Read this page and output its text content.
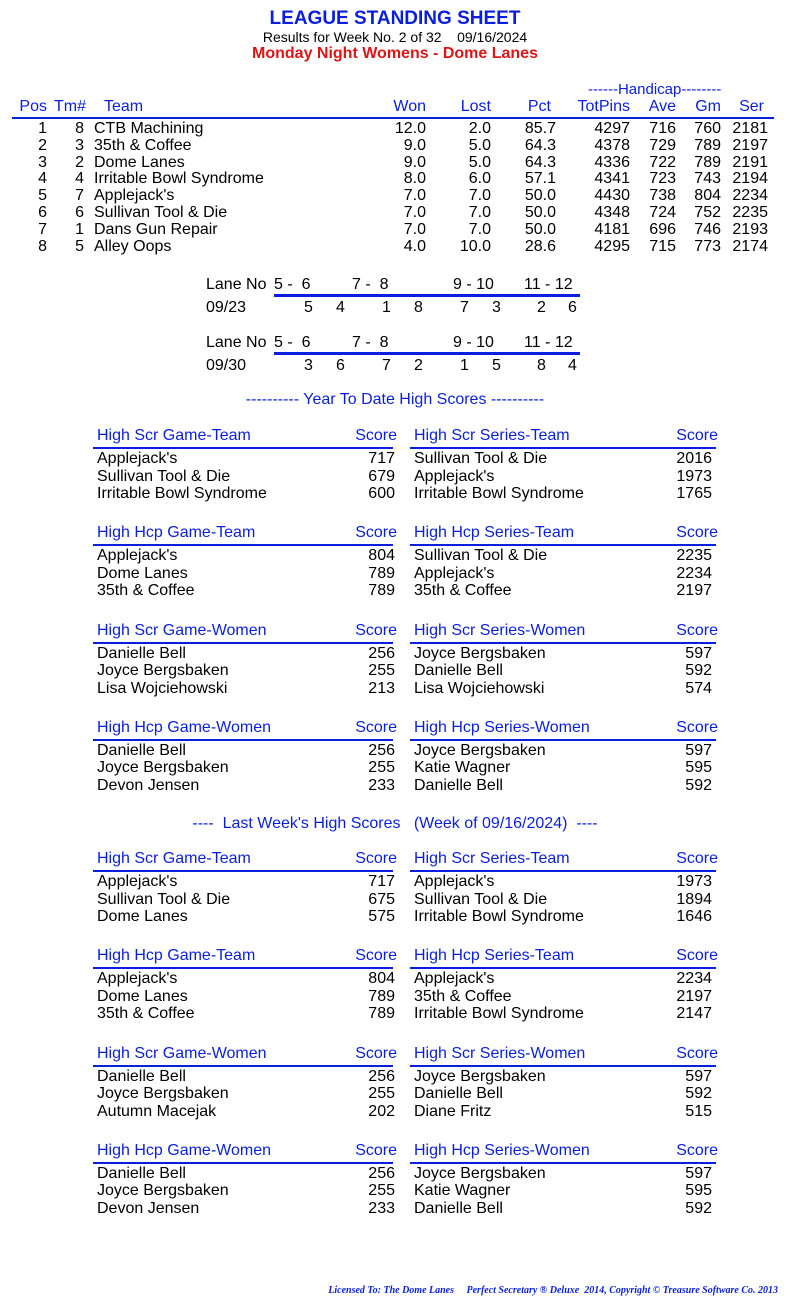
LEAGUE STANDING SHEET
Results for Week No. 2 of 32    09/16/2024
Monday Night Womens - Dome Lanes
------Handicap--------
Pos Tm# Team	Won Lost Pct TotPins Ave Gm Ser
1 8 CTB Machining	12.0	2.0 85.7 4297 716 760 2181
2 3 35th & Coffee	9.0	5.0 64.3 4378 729 789 2197
3 2 Dome Lanes	9.0	5.0 64.3 4336 722 789 2191
4 4 Irritable Bowl Syndrome	8.0	6.0 57.1 4341 723 743 2194
5 7 Applejack's	7.0	7.0 50.0 4430 738 804 2234
6 6 Sullivan Tool & Die	7.0	7.0 50.0 4348 724 752 2235
7 1 Dans Gun Repair	7.0	7.0 50.0 4181 696 746 2193
8 5 Alley Oops	4.0 10.0 28.6 4295 715 773 2174
Lane No 5 -  6	7 -  8	9 - 10 11 - 12
09/23	5 4 1 8 7 3 2 6
Lane No 5 -  6	7 -  8	9 - 10 11 - 12
09/30	3 6 7 2 1 5 8 4
---------- Year To Date High Scores ----------
High Scr Game-Team	Score
Applejack's	717
Sullivan Tool & Die	679
Irritable Bowl Syndrome	600
High Scr Series-Team	Score
Sullivan Tool & Die	2016
Applejack's	1973
Irritable Bowl Syndrome	1765
High Hcp Game-Team	Score
Applejack's	804
Dome Lanes	789
35th & Coffee	789
High Hcp Series-Team	Score
Sullivan Tool & Die	2235
Applejack's	2234
35th & Coffee	2197
High Scr Game-Women	Score
Danielle Bell	256
Joyce Bergsbaken	255
Lisa Wojciehowski	213
High Scr Series-Women	Score
Joyce Bergsbaken	597
Danielle Bell	592
Lisa Wojciehowski	574
High Hcp Game-Women	Score
Danielle Bell	256
Joyce Bergsbaken	255
Devon Jensen	233
High Hcp Series-Women	Score
Joyce Bergsbaken	597
Katie Wagner	595
Danielle Bell	592
----  Last Week's High Scores   (Week of 09/16/2024)  ----
High Scr Game-Team	Score
Applejack's	717
Sullivan Tool & Die	675
Dome Lanes	575
High Scr Series-Team	Score
Applejack's	1973
Sullivan Tool & Die	1894
Irritable Bowl Syndrome	1646
High Hcp Game-Team	Score
Applejack's	804
Dome Lanes	789
35th & Coffee	789
High Hcp Series-Team	Score
Applejack's	2234
35th & Coffee	2197
Irritable Bowl Syndrome	2147
High Scr Game-Women	Score
Danielle Bell	256
Joyce Bergsbaken	255
Autumn Macejak	202
High Scr Series-Women	Score
Joyce Bergsbaken	597
Danielle Bell	592
Diane Fritz	515
High Hcp Game-Women	Score
Danielle Bell	256
Joyce Bergsbaken	255
Devon Jensen	233
High Hcp Series-Women	Score
Joyce Bergsbaken	597
Katie Wagner	595
Danielle Bell	592
Licensed To: The Dome Lanes     Perfect Secretary ® Deluxe  2014, Copyright © Treasure Software Co. 2013
